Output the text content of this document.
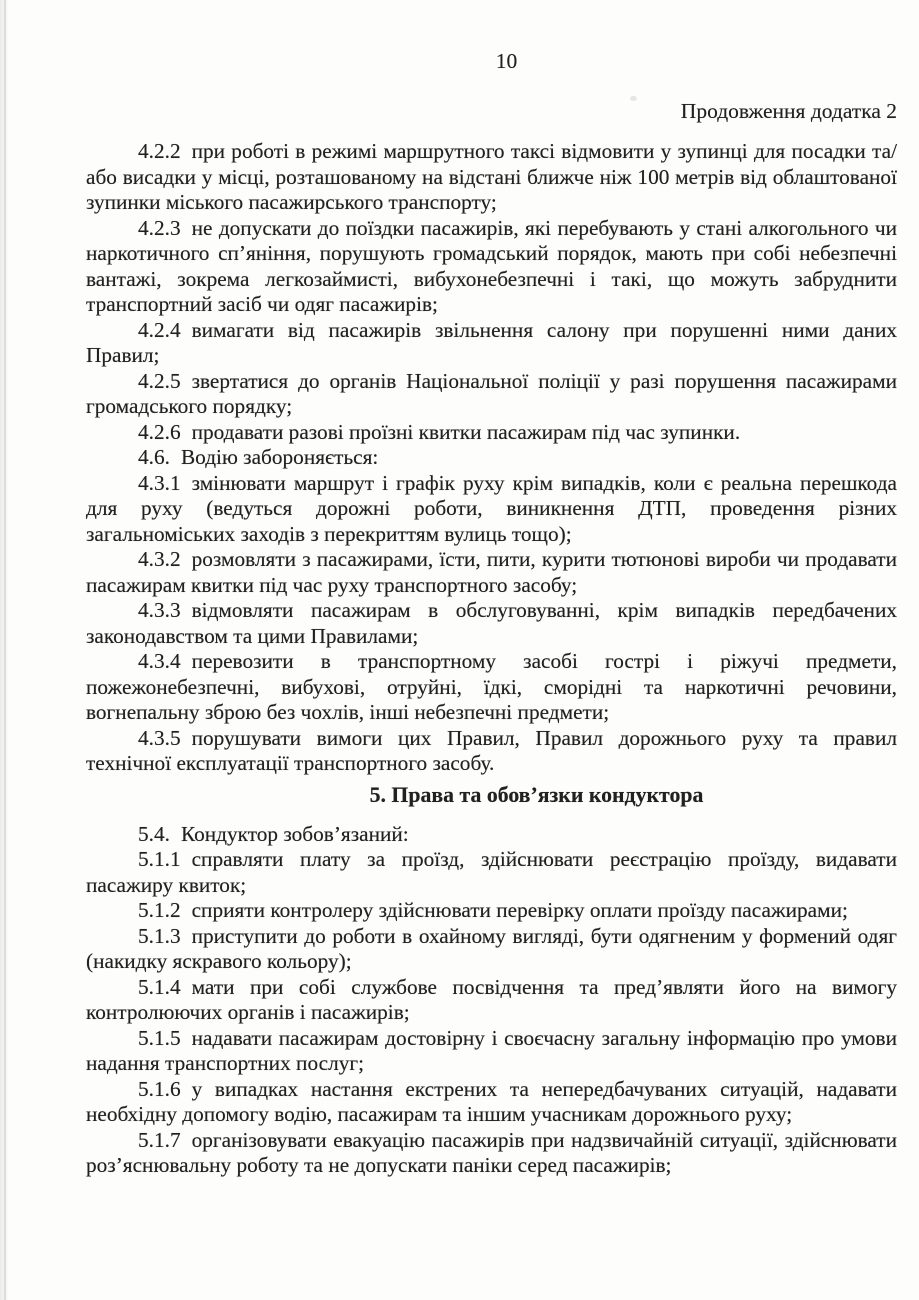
10
Продовження додатка 2

4.2.2 при роботі в режимі маршрутного таксі відмовити у зупинці для посадки та/або висадки у місці, розташованому на відстані ближче ніж 100 метрів від облаштованої зупинки міського пасажирського транспорту;

4.2.3 не допускати до поїздки пасажирів, які перебувають у стані алкогольного чи наркотичного сп’яніння, порушують громадський порядок, мають при собі небезпечні вантажі, зокрема легкозаймисті, вибухонебезпечні і такі, що можуть забруднити транспортний засіб чи одяг пасажирів;

4.2.4 вимагати від пасажирів звільнення салону при порушенні ними даних Правил;

4.2.5 звертатися до органів Національної поліції у разі порушення пасажирами громадського порядку;

4.2.6 продавати разові проїзні квитки пасажирам під час зупинки.

4.6. Водію забороняється:

4.3.1 змінювати маршрут і графік руху крім випадків, коли є реальна перешкода для руху (ведуться дорожні роботи, виникнення ДТП, проведення різних загальноміських заходів з перекриттям вулиць тощо);

4.3.2 розмовляти з пасажирами, їсти, пити, курити тютюнові вироби чи продавати пасажирам квитки під час руху транспортного засобу;

4.3.3 відмовляти пасажирам в обслуговуванні, крім випадків передбачених законодавством та цими Правилами;

4.3.4 перевозити в транспортному засобі гострі і ріжучі предмети, пожежонебезпечні, вибухові, отруйні, їдкі, сморідні та наркотичні речовини, вогнепальну зброю без чохлів, інші небезпечні предмети;

4.3.5 порушувати вимоги цих Правил, Правил дорожнього руху та правил технічної експлуатації транспортного засобу.

5. Права та обов’язки кондуктора

5.4. Кондуктор зобов’язаний:

5.1.1 справляти плату за проїзд, здійснювати реєстрацію проїзду, видавати пасажиру квиток;

5.1.2 сприяти контролеру здійснювати перевірку оплати проїзду пасажирами;

5.1.3 приступити до роботи в охайному вигляді, бути одягненим у формений одяг (накидку яскравого кольору);

5.1.4 мати при собі службове посвідчення та пред’являти його на вимогу контролюючих органів і пасажирів;

5.1.5 надавати пасажирам достовірну і своєчасну загальну інформацію про умови надання транспортних послуг;

5.1.6 у випадках настання екстрених та непередбачуваних ситуацій, надавати необхідну допомогу водію, пасажирам та іншим учасникам дорожнього руху;

5.1.7 організовувати евакуацію пасажирів при надзвичайній ситуації, здійснювати роз’яснювальну роботу та не допускати паніки серед пасажирів;
